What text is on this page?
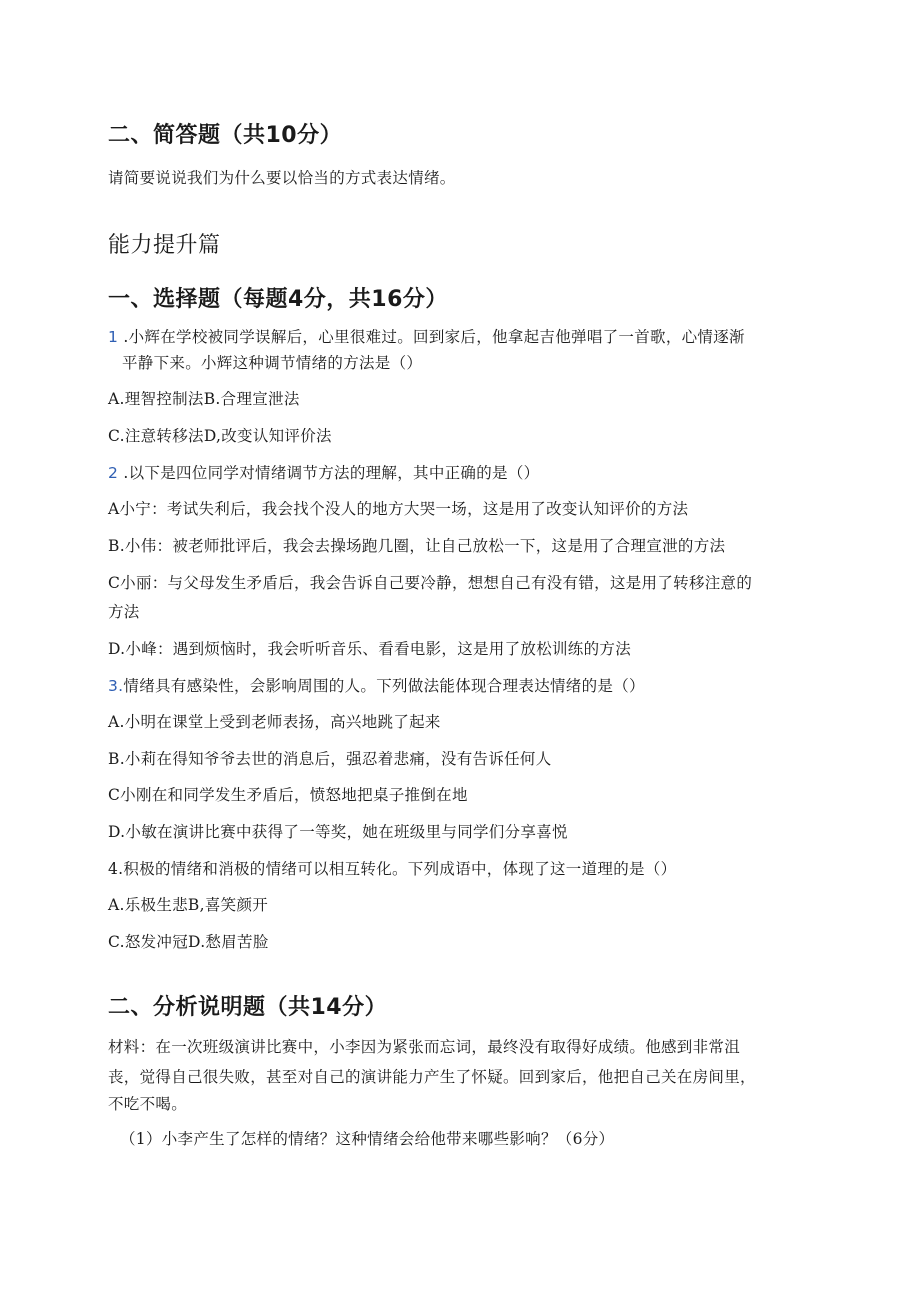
二、简答题（共10分）
请简要说说我们为什么要以恰当的方式表达情绪。
能力提升篇
一、选择题（每题4分，共16分）
1 .小辉在学校被同学误解后，心里很难过。回到家后，他拿起吉他弹唱了一首歌，心情逐渐
平静下来。小辉这种调节情绪的方法是（）
A.理智控制法B.合理宣泄法
C.注意转移法D,改变认知评价法
2 .以下是四位同学对情绪调节方法的理解，其中正确的是（）
A小宁：考试失利后，我会找个没人的地方大哭一场，这是用了改变认知评价的方法
B.小伟：被老师批评后，我会去操场跑几圈，让自己放松一下，这是用了合理宣泄的方法
C小丽：与父母发生矛盾后，我会告诉自己要冷静，想想自己有没有错，这是用了转移注意的
方法
D.小峰：遇到烦恼时，我会听听音乐、看看电影，这是用了放松训练的方法
3.情绪具有感染性，会影响周围的人。下列做法能体现合理表达情绪的是（）
A.小明在课堂上受到老师表扬，高兴地跳了起来
B.小莉在得知爷爷去世的消息后，强忍着悲痛，没有告诉任何人
C小刚在和同学发生矛盾后，愤怒地把桌子推倒在地
D.小敏在演讲比赛中获得了一等奖，她在班级里与同学们分享喜悦
4.积极的情绪和消极的情绪可以相互转化。下列成语中，体现了这一道理的是（）
A.乐极生悲B,喜笑颜开
C.怒发冲冠D.愁眉苦脸
二、分析说明题（共14分）
材料：在一次班级演讲比赛中，小李因为紧张而忘词，最终没有取得好成绩。他感到非常沮
丧，觉得自己很失败，甚至对自己的演讲能力产生了怀疑。回到家后，他把自己关在房间里，
不吃不喝。
（1）小李产生了怎样的情绪？这种情绪会给他带来哪些影响？（6分）
